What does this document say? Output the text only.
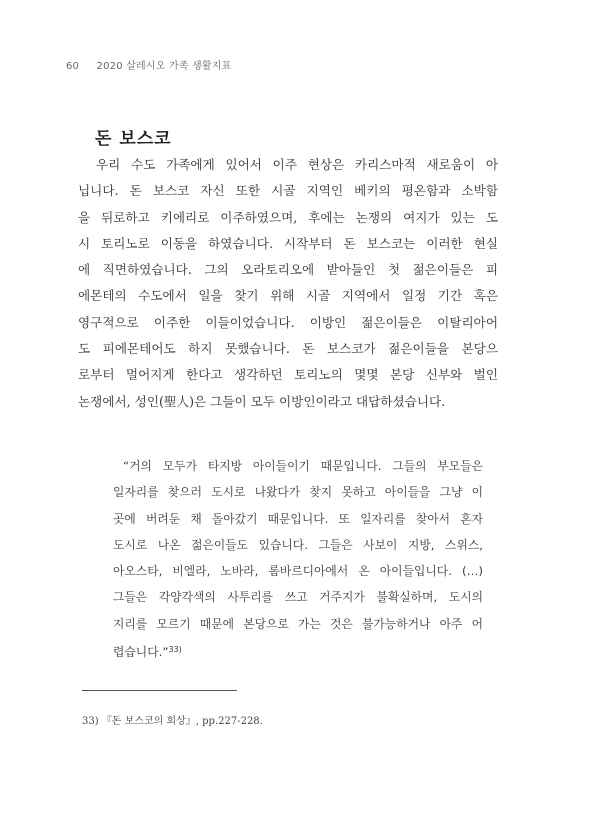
60 2020 살레시오 가족 생활지표
돈 보스코
우리 수도 가족에게 있어서 이주 현상은 카리스마적 새로움이 아
닙니다. 돈 보스코 자신 또한 시골 지역인 베키의 평온함과 소박함
을 뒤로하고 키에리로 이주하였으며, 후에는 논쟁의 여지가 있는 도
시 토리노로 이동을 하였습니다. 시작부터 돈 보스코는 이러한 현실
에 직면하였습니다. 그의 오라토리오에 받아들인 첫 젊은이들은 피
에몬테의 수도에서 일을 찾기 위해 시골 지역에서 일정 기간 혹은
영구적으로 이주한 이들이었습니다. 이방인 젊은이들은 이탈리아어
도 피에몬테어도 하지 못했습니다. 돈 보스코가 젊은이들을 본당으
로부터 멀어지게 한다고 생각하던 토리노의 몇몇 본당 신부와 벌인
논쟁에서, 성인(聖人)은 그들이 모두 이방인이라고 대답하셨습니다.
“거의 모두가 타지방 아이들이기 때문입니다. 그들의 부모들은
일자리를 찾으러 도시로 나왔다가 찾지 못하고 아이들을 그냥 이
곳에 버려둔 채 돌아갔기 때문입니다. 또 일자리를 찾아서 혼자
도시로 나온 젊은이들도 있습니다. 그들은 사보이 지방, 스위스,
아오스타, 비엘라, 노바라, 롬바르디아에서 온 아이들입니다. (…)
그들은 각양각색의 사투리를 쓰고 거주지가 불확실하며, 도시의
지리를 모르기 때문에 본당으로 가는 것은 불가능하거나 아주 어
렵습니다.”$^{33)}$
33) 『돈 보스코의 회상』, pp.227-228.
